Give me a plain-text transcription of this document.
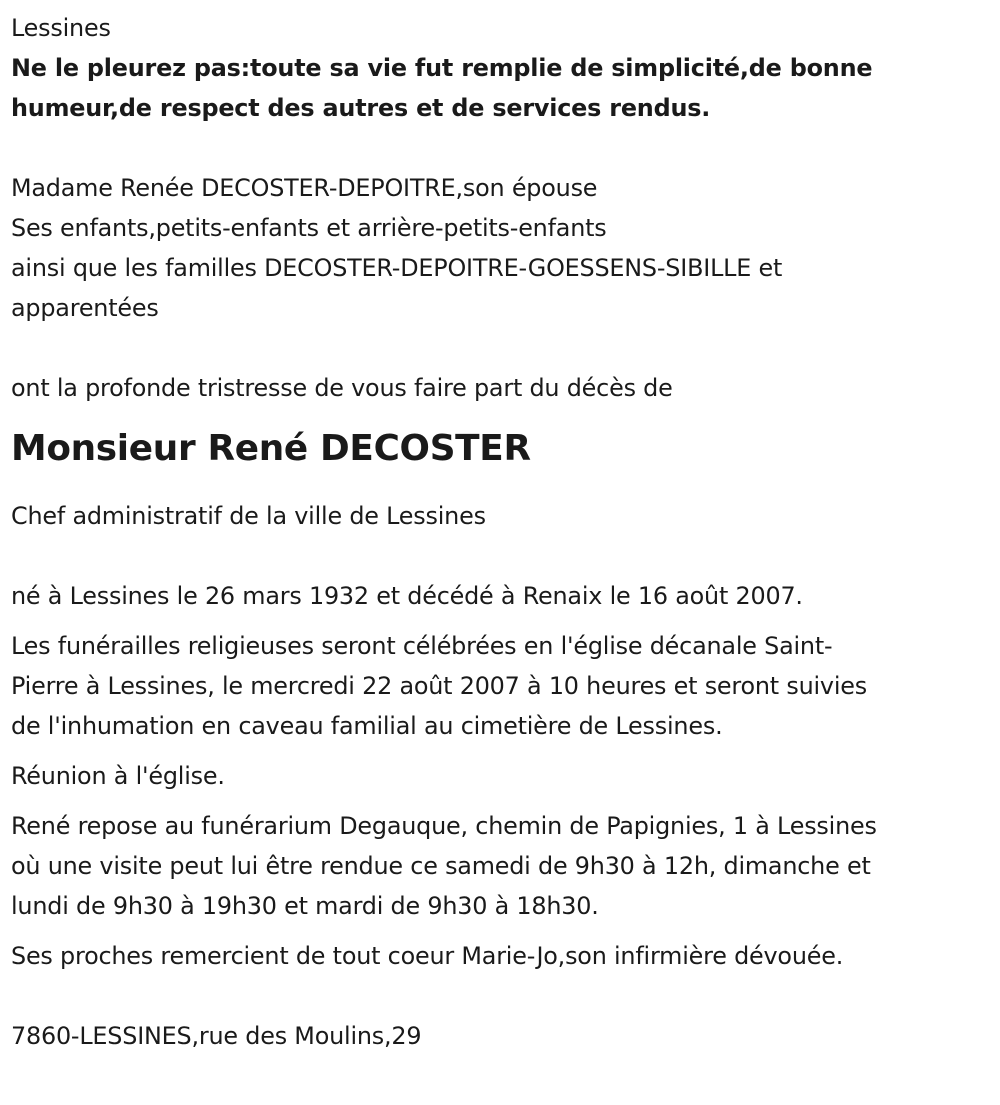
Lessines
Ne le pleurez pas:toute sa vie fut remplie de simplicité,de bonne
humeur,de respect des autres et de services rendus.
Madame Renée DECOSTER-DEPOITRE,son épouse
Ses enfants,petits-enfants et arrière-petits-enfants
ainsi que les familles DECOSTER-DEPOITRE-GOESSENS-SIBILLE et
apparentées
ont la profonde tristresse de vous faire part du décès de
Monsieur René DECOSTER
Chef administratif de la ville de Lessines
né à Lessines le 26 mars 1932 et décédé à Renaix le 16 août 2007.
Les funérailles religieuses seront célébrées en l'église décanale Saint-
Pierre à Lessines, le mercredi 22 août 2007 à 10 heures et seront suivies
de l'inhumation en caveau familial au cimetière de Lessines.
Réunion à l'église.
René repose au funérarium Degauque, chemin de Papignies, 1 à Lessines
où une visite peut lui être rendue ce samedi de 9h30 à 12h, dimanche et
lundi de 9h30 à 19h30 et mardi de 9h30 à 18h30.
Ses proches remercient de tout coeur Marie-Jo,son infirmière dévouée.
7860-LESSINES,rue des Moulins,29
